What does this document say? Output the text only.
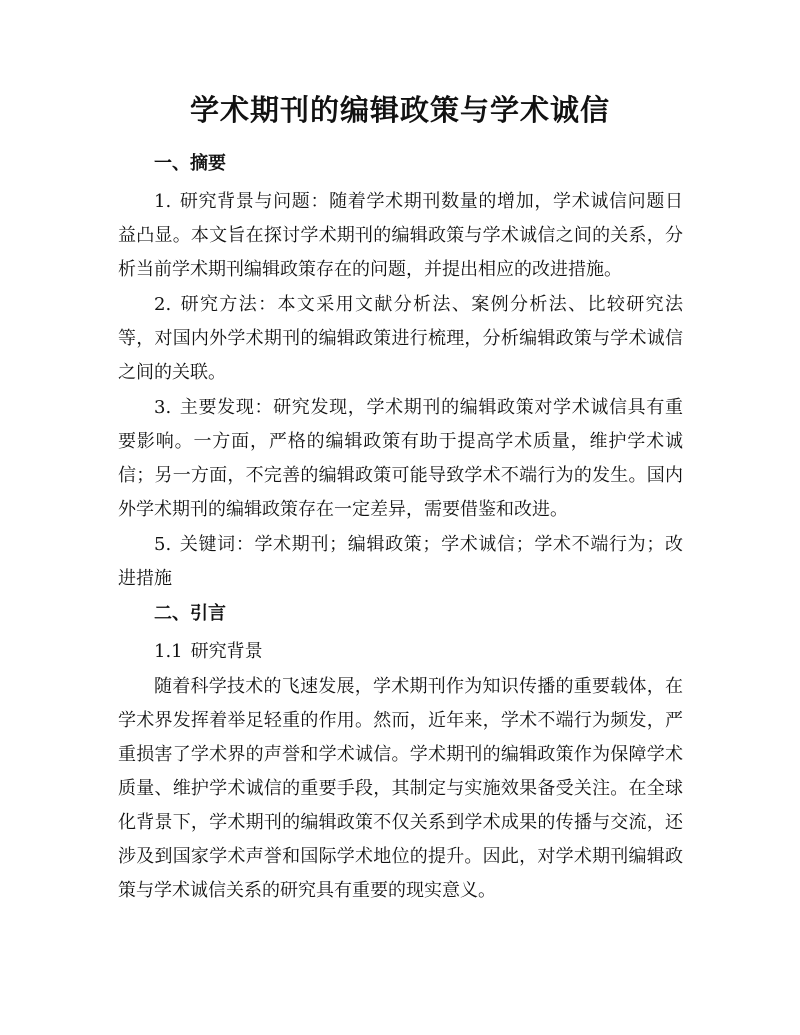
学术期刊的编辑政策与学术诚信

一、摘要

1. 研究背景与问题：随着学术期刊数量的增加，学术诚信问题日益凸显。本文旨在探讨学术期刊的编辑政策与学术诚信之间的关系，分析当前学术期刊编辑政策存在的问题，并提出相应的改进措施。

2. 研究方法：本文采用文献分析法、案例分析法、比较研究法等，对国内外学术期刊的编辑政策进行梳理，分析编辑政策与学术诚信之间的关联。

3. 主要发现：研究发现，学术期刊的编辑政策对学术诚信具有重要影响。一方面，严格的编辑政策有助于提高学术质量，维护学术诚信；另一方面，不完善的编辑政策可能导致学术不端行为的发生。国内外学术期刊的编辑政策存在一定差异，需要借鉴和改进。

5. 关键词：学术期刊；编辑政策；学术诚信；学术不端行为；改进措施

二、引言

1.1 研究背景

随着科学技术的飞速发展，学术期刊作为知识传播的重要载体，在学术界发挥着举足轻重的作用。然而，近年来，学术不端行为频发，严重损害了学术界的声誉和学术诚信。学术期刊的编辑政策作为保障学术质量、维护学术诚信的重要手段，其制定与实施效果备受关注。在全球化背景下，学术期刊的编辑政策不仅关系到学术成果的传播与交流，还涉及到国家学术声誉和国际学术地位的提升。因此，对学术期刊编辑政策与学术诚信关系的研究具有重要的现实意义。
